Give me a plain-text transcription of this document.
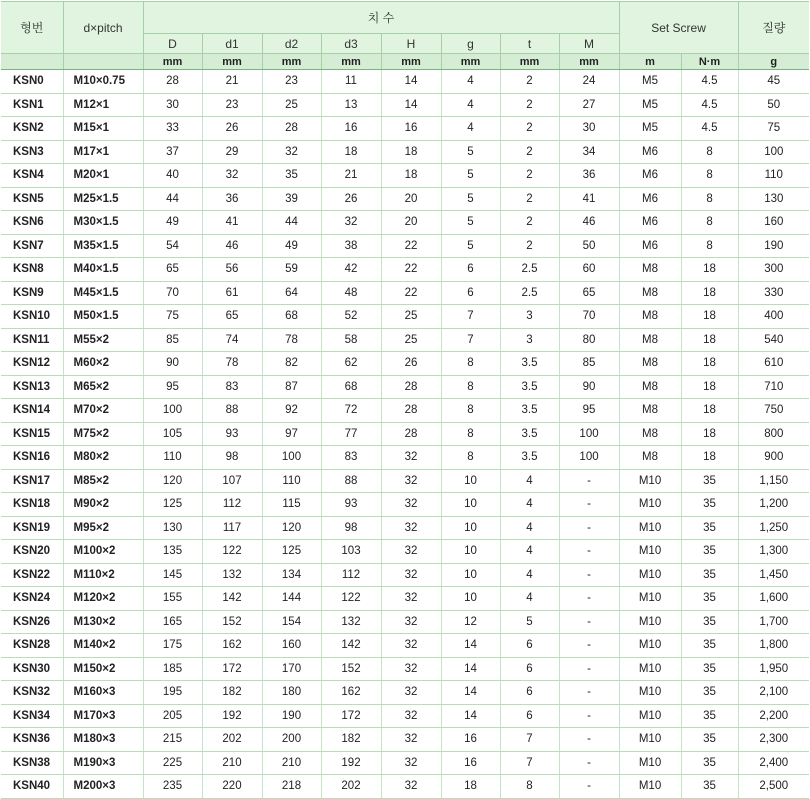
형번	d×pitch	치 수								Set Screw		질량
		D	d1	d2	d3	H	g	t	M			
		mm	mm	mm	mm	mm	mm	mm	mm	m	N·m	g
KSN0	M10×0.75	28	21	23	11	14	4	2	24	M5	4.5	45
KSN1	M12×1	30	23	25	13	14	4	2	27	M5	4.5	50
KSN2	M15×1	33	26	28	16	16	4	2	30	M5	4.5	75
KSN3	M17×1	37	29	32	18	18	5	2	34	M6	8	100
KSN4	M20×1	40	32	35	21	18	5	2	36	M6	8	110
KSN5	M25×1.5	44	36	39	26	20	5	2	41	M6	8	130
KSN6	M30×1.5	49	41	44	32	20	5	2	46	M6	8	160
KSN7	M35×1.5	54	46	49	38	22	5	2	50	M6	8	190
KSN8	M40×1.5	65	56	59	42	22	6	2.5	60	M8	18	300
KSN9	M45×1.5	70	61	64	48	22	6	2.5	65	M8	18	330
KSN10	M50×1.5	75	65	68	52	25	7	3	70	M8	18	400
KSN11	M55×2	85	74	78	58	25	7	3	80	M8	18	540
KSN12	M60×2	90	78	82	62	26	8	3.5	85	M8	18	610
KSN13	M65×2	95	83	87	68	28	8	3.5	90	M8	18	710
KSN14	M70×2	100	88	92	72	28	8	3.5	95	M8	18	750
KSN15	M75×2	105	93	97	77	28	8	3.5	100	M8	18	800
KSN16	M80×2	110	98	100	83	32	8	3.5	100	M8	18	900
KSN17	M85×2	120	107	110	88	32	10	4	-	M10	35	1,150
KSN18	M90×2	125	112	115	93	32	10	4	-	M10	35	1,200
KSN19	M95×2	130	117	120	98	32	10	4	-	M10	35	1,250
KSN20	M100×2	135	122	125	103	32	10	4	-	M10	35	1,300
KSN22	M110×2	145	132	134	112	32	10	4	-	M10	35	1,450
KSN24	M120×2	155	142	144	122	32	10	4	-	M10	35	1,600
KSN26	M130×2	165	152	154	132	32	12	5	-	M10	35	1,700
KSN28	M140×2	175	162	160	142	32	14	6	-	M10	35	1,800
KSN30	M150×2	185	172	170	152	32	14	6	-	M10	35	1,950
KSN32	M160×3	195	182	180	162	32	14	6	-	M10	35	2,100
KSN34	M170×3	205	192	190	172	32	14	6	-	M10	35	2,200
KSN36	M180×3	215	202	200	182	32	16	7	-	M10	35	2,300
KSN38	M190×3	225	210	210	192	32	16	7	-	M10	35	2,400
KSN40	M200×3	235	220	218	202	32	18	8	-	M10	35	2,500
